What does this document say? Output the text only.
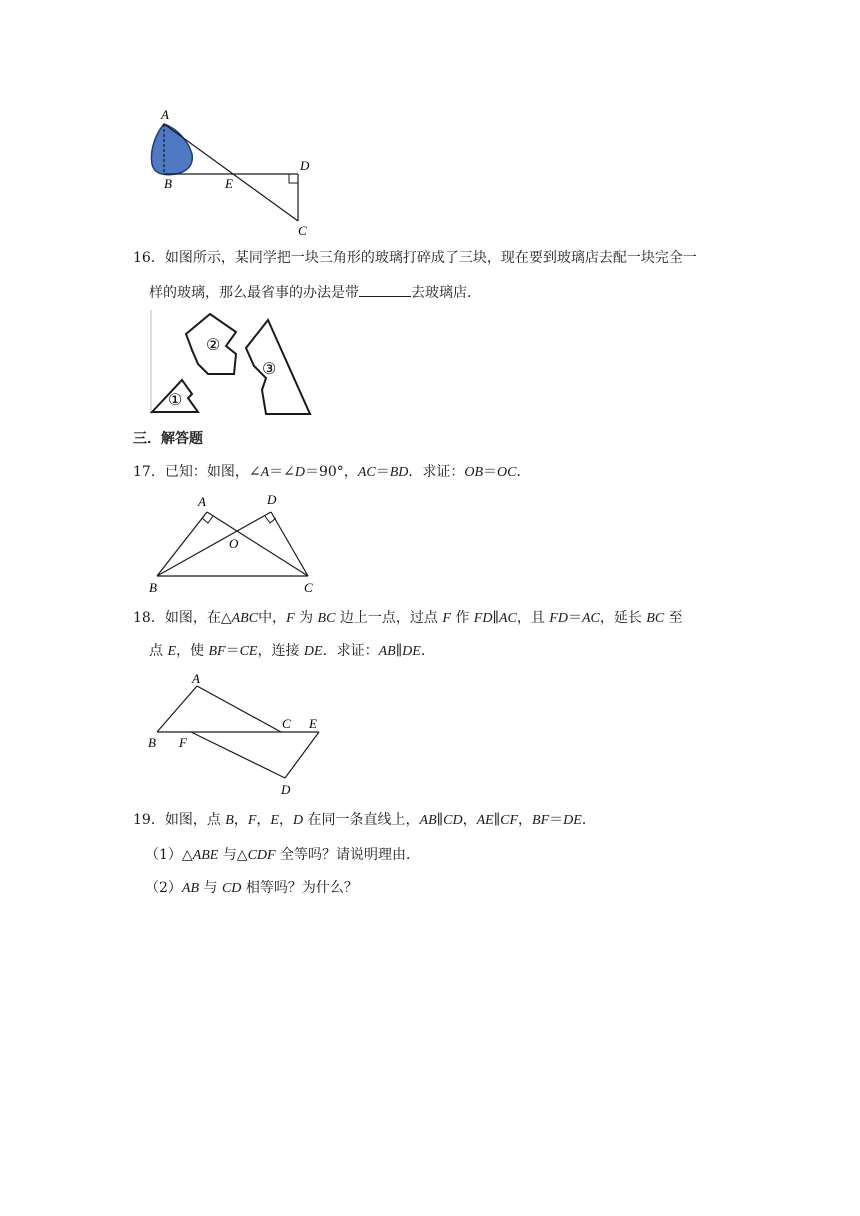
A
B	E
D
C
16．如图所示，某同学把一块三角形的玻璃打碎成了三块，现在要到玻璃店去配一块完全一
样的玻璃，那么最省事的办法是带	去玻璃店．
①
②
③
三．解答题
17．已知：如图，∠A＝∠D＝90°，AC＝BD．求证：OB＝OC．
A	D
O
B	C
18．如图，在△ABC中，F 为 BC 边上一点，过点 F 作 FD∥AC，且 FD＝AC，延长 BC 至
点 E，使 BF＝CE，连接 DE．求证：AB∥DE．
A
B F
C E
D
19．如图，点 B，F，E，D 在同一条直线上，AB∥CD，AE∥CF，BF＝DE．
（1）△ABE 与△CDF 全等吗？请说明理由．
（2）AB 与 CD 相等吗？为什么？
